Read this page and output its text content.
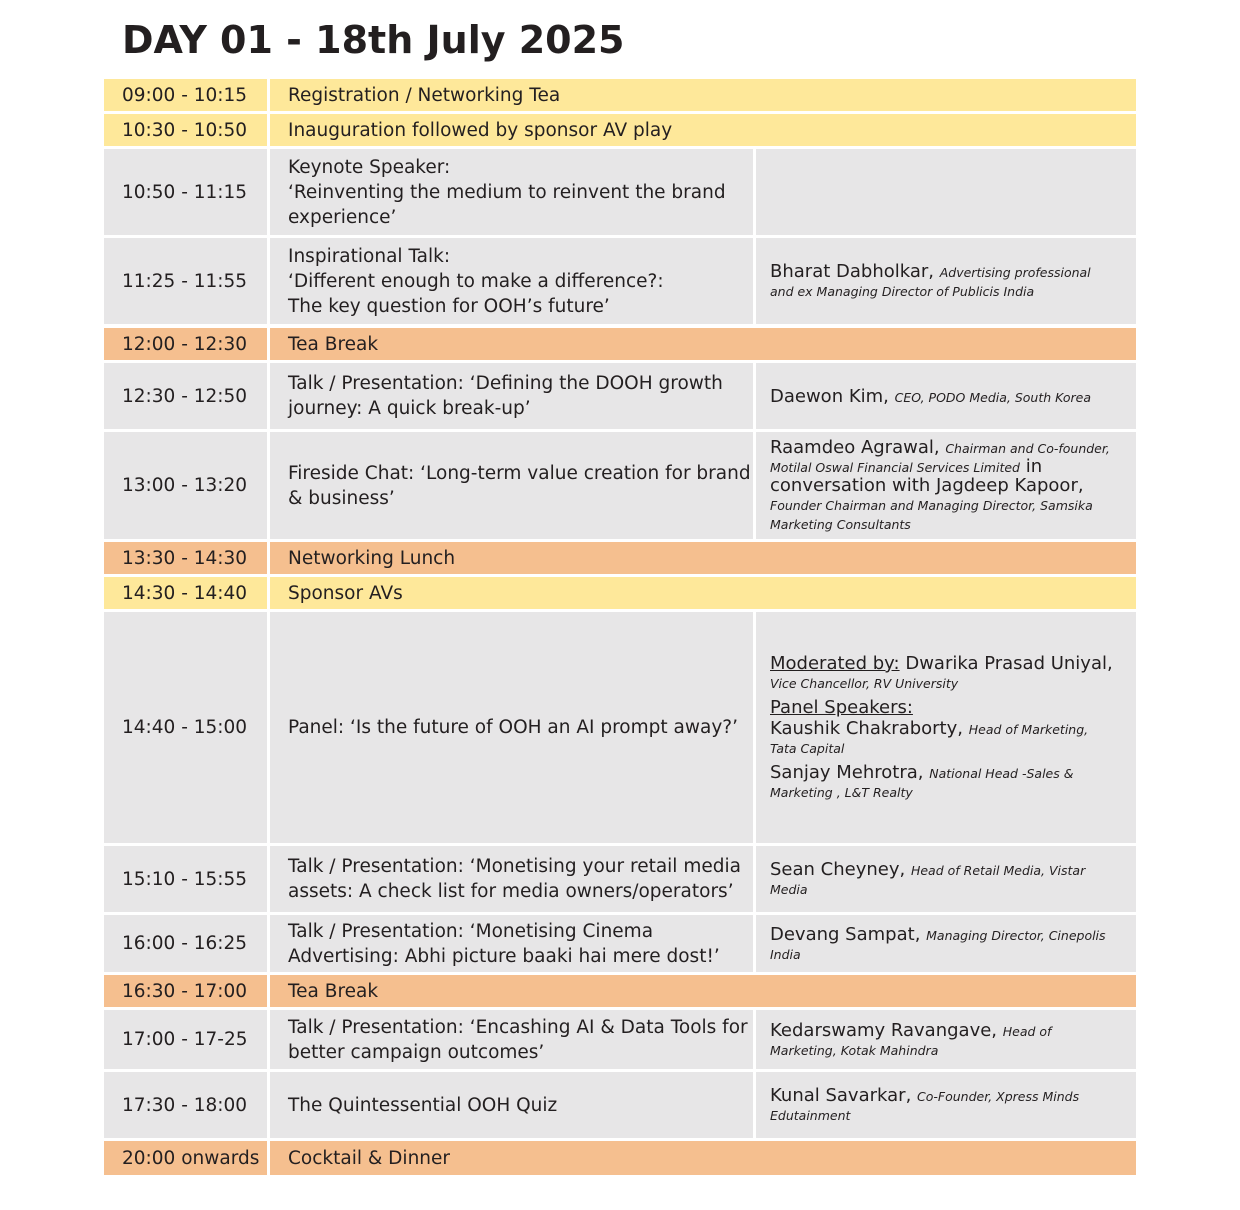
DAY 01 - 18th July 2025
09:00 - 10:15 Registration / Networking Tea
10:30 - 10:50 Inauguration followed by sponsor AV play
10:50 - 11:15
Keynote Speaker:
‘Reinventing the medium to reinvent the brand experience’
11:25 - 11:55
Inspirational Talk:
‘Different enough to make a difference?:
The key question for OOH’s future’
Bharat Dabholkar, Advertising professional and ex Managing Director of Publicis India
12:00 - 12:30 Tea Break
12:30 - 12:50
Talk / Presentation: ‘Defining the DOOH growth journey: A quick break-up’
Daewon Kim, CEO, PODO Media, South Korea
13:00 - 13:20
Fireside Chat: ‘Long-term value creation for brand & business’
Raamdeo Agrawal, Chairman and Co-founder, Motilal Oswal Financial Services Limited in conversation with Jagdeep Kapoor, Founder Chairman and Managing Director, Samsika Marketing Consultants
13:30 - 14:30 Networking Lunch
14:30 - 14:40 Sponsor AVs
14:40 - 15:00 Panel: ‘Is the future of OOH an AI prompt away?’
Moderated by: Dwarika Prasad Uniyal, Vice Chancellor, RV University
Panel Speakers:
Kaushik Chakraborty, Head of Marketing, Tata Capital
Sanjay Mehrotra, National Head -Sales & Marketing , L&T Realty
15:10 - 15:55
Talk / Presentation: ‘Monetising your retail media assets: A check list for media owners/operators’
Sean Cheyney, Head of Retail Media, Vistar Media
16:00 - 16:25
Talk / Presentation: ‘Monetising Cinema Advertising: Abhi picture baaki hai mere dost!’
Devang Sampat, Managing Director, Cinepolis India
16:30 - 17:00 Tea Break
17:00 - 17-25
Talk / Presentation: ‘Encashing AI & Data Tools for better campaign outcomes’
Kedarswamy Ravangave, Head of Marketing, Kotak Mahindra
17:30 - 18:00 The Quintessential OOH Quiz	Kunal Savarkar, Co-Founder, Xpress Minds Edutainment
20:00 onwards Cocktail & Dinner
